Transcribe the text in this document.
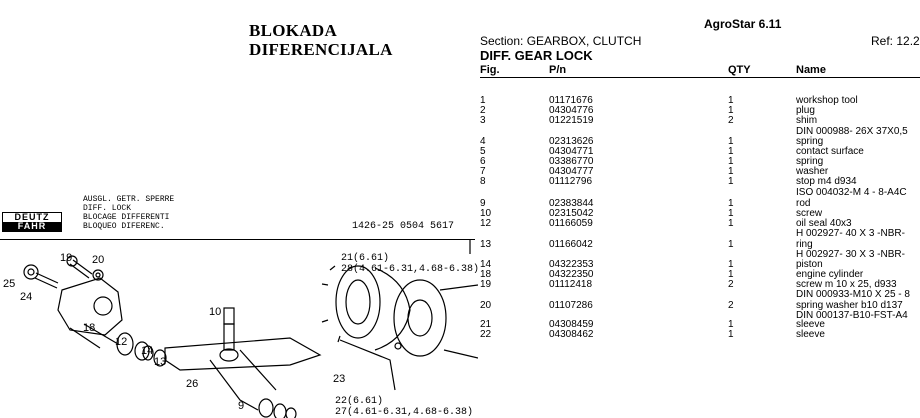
BLOKADA
DIFERENCIJALA
DEUTZ
FAHR
AUSGL. GETR. SPERRE
DIFF. LOCK
BLOCAGE DIFFERENTI
BLOQUEO DIFERENC.	1426-25 0504 5617
19 20
25
24
18
12
14
13
10
26
9
23
21(6.61)
28(4.61-6.31,4.68-6.38)
22(6.61)
27(4.61-6.31,4.68-6.38)
AgroStar 6.11
Section: GEARBOX, CLUTCH	Ref: 12.2
DIFF. GEAR LOCK
Fig.	P/n	QTY	Name
1	01171676	1	workshop tool
2	04304776	1	plug
3	01221519	2	shim
DIN 000988- 26X 37X0,5
4	02313626	1	spring
5	04304771	1	contact surface
6	03386770	1	spring
7	04304777	1	washer
8	01112796	1	stop m4 d934
ISO 004032-M 4 - 8-A4C
9	02383844	1	rod
10	02315042	1	screw
12	01166059	1	oil seal 40x3
H 002927- 40 X 3 -NBR-
13	01166042	1	ring
H 002927- 30 X 3 -NBR-
14	04322353	1	piston
18	04322350	1	engine cylinder
19	01112418	2	screw m 10 x 25, d933
DIN 000933-M10 X 25 - 8
20	01107286	2	spring washer b10 d137
DIN 000137-B10-FST-A4
21	04308459	1	sleeve
22	04308462	1	sleeve
